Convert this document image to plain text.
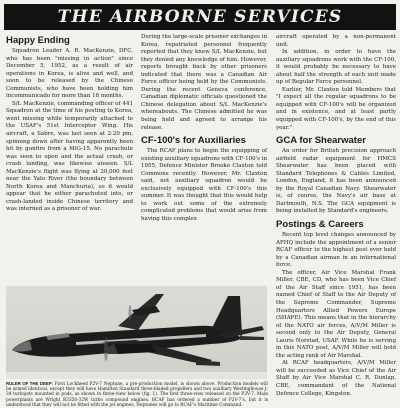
THE AIRBORNE SERVICES
Happy Ending

Squadron Leader A. R. MacKenzie, DFC, who has been "missing in action" since December 5, 1952, as a result of air operations in Korea, is alive and well, and soon to be released by the Chinese Communists, who have been holding him incommunicado for more than 18 months.

S/L MacKenzie, commanding officer of 441 Squadron at the time of his posting to Korea, went missing while temporarily attached to the USAF's 51st Interceptor Wing. His aircraft, a Sabre, was last seen at 2:20 pm, spinning down after having apparently been hit by gunfire from a MiG-15. No parachute was seen to open and the actual crash, or crash landing, was likewise unseen. S/L MacKenzie's flight was flying at 20,000 feet near the Yalu River (the boundary between North Korea and Manchuria), so it would appear that he either parachuted into, or crash-landed inside Chinese territory and was interned as a prisoner of war.

During the large-scale prisoner exchanges in Korea, repatriated personnel frequently reported that they knew S/L MacKenzie, but they denied any knowledge of him. However, reports brought back by other prisoners indicated that there was a Canadian Air Force officer being held by the Communists. During the recent Geneva conference, Canadian diplomatic officials questioned the Chinese delegation about S/L MacKenzie's whereabouts. The Chinese admitted he was being held and agreed to arrange his release.

CF-100's for Auxiliaries

The RCAF plans to begin the equipping of existing auxiliary squadrons with CF-100's in 1955, Defence Minister Brooke Claxton told Commons recently. However, Mr. Claxton said, not auxiliary squadron would be exclusively equipped with CF-100's this summer. It was thought that this would help to work out some of the extremely complicated problems that would arise from having this complex

aircraft operated by a non-permanent unit.

In addition, in order to have the auxiliary squadrons work with the CF-100, it would probably be necessary to have about half the strength of each unit made up of Regular Force personnel.

Earlier, Mr. Claxton told Members that "I expect all the regular squadrons to be equipped with CF-100's will be organized and in existence, and at least partly equipped with CF-100's, by the end of this year."

GCA for Shearwater

An order for British precision approach airfield radar equipment for HMCS Shearwater has been placed with Standard Telephones & Cables Limited, London, England, it has been announced by the Royal Canadian Navy. Shearwater is, of course, the Navy's air base at Dartmouth, N.S. The GCA equipment is being installed by Standard's engineers.

Postings & Careers

Recent top level changes announced by AFHQ include the appointment of a senior RCAF officer to the highest post ever held by a Canadian airman in an international force.

The officer, Air Vice Marshal Frank Miller, CBE, CD, who has been Vice Chief of the Air Staff since 1951, has been named Chief of Staff to the Air Deputy of the Supreme Commander, Supreme Headquarters Allied Powers Europe (SHAPE). This means that in the hierarchy of the NATO air forces, A/V/M Miller is second only to the Air Deputy, General Lauris Norstad, USAF. While he is serving in this NATO post, A/V/M Miller will hold the acting rank of Air Marshal.

At RCAF headquarters, A/V/M Miller will be succeeded as Vice Chief of the Air Staff by Air Vice Marshal C. R. Dunlap, CBE, commandant of the National Defence College, Kingston.

RULER OF THE DEEP: First Lockheed P2V-7 Neptune, a pre-production model, is shown above. Production models will be armed identical, except they will have Hamilton Standard three-bladed propellers and two auxiliary Westinghouse J-34 turbojets mounted in pods, as shown in three-view below (fig. 1). The first three-view released on the P2V-7. Main powerplants are Wright R3350-32W turbo compound engines. RCAF has ordered a number of P2V-7's, but it is understood that they will not be fitted with the jet engines. Neptunes will go to RCAF's Maritime Command.
